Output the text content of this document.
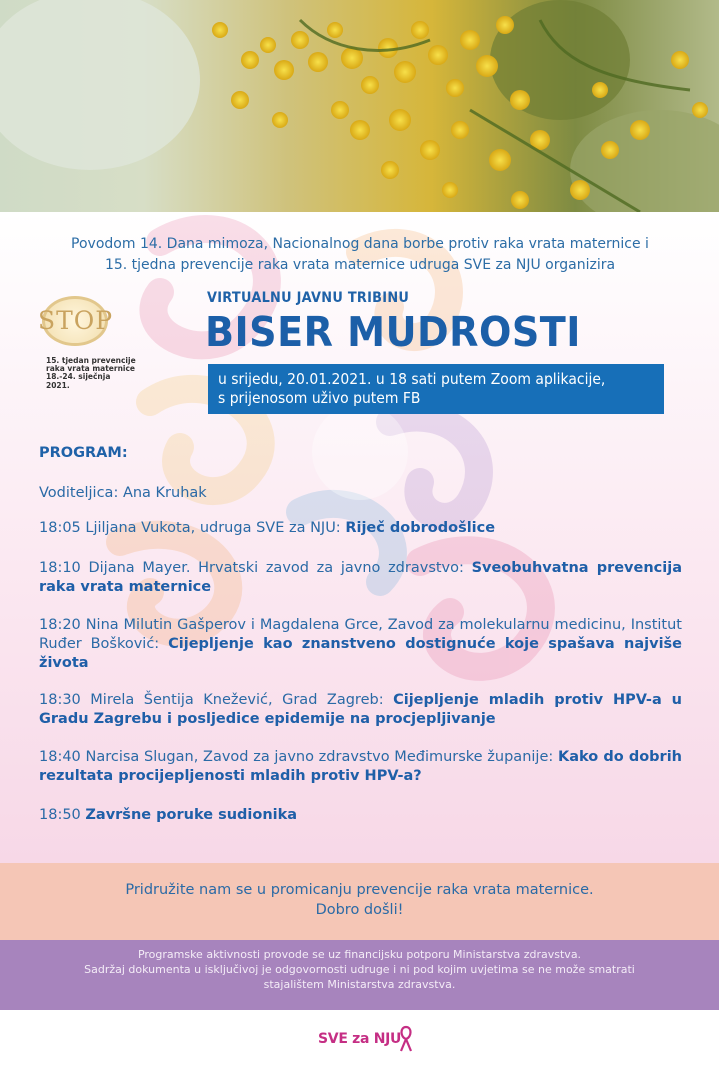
Povodom 14. Dana mimoza, Nacionalnog dana borbe protiv raka vrata maternice i
15. tjedna prevencije raka vrata maternice udruga SVE za NJU organizira
STOP
15. tjedan prevencije
raka vrata maternice
18.-24. siječnja 2021.
VIRTUALNU JAVNU TRIBINU
BISER MUDROSTI
u srijedu, 20.01.2021. u 18 sati putem Zoom aplikacije,
s prijenosom uživo putem FB
PROGRAM:
Voditeljica: Ana Kruhak
18:05 Ljiljana Vukota, udruga SVE za NJU: Riječ dobrodošlice
18:10 Dijana Mayer. Hrvatski zavod za javno zdravstvo: Sveobuhvatna prevencija raka vrata maternice
18:20 Nina Milutin Gašperov i Magdalena Grce, Zavod za molekularnu medicinu, Institut Ruđer Bošković: Cijepljenje kao znanstveno dostignuće koje spašava najviše života
18:30 Mirela Šentija Knežević, Grad Zagreb: Cijepljenje mladih protiv HPV-a u Gradu Zagrebu i posljedice epidemije na procjepljivanje
18:40 Narcisa Slugan, Zavod za javno zdravstvo Međimurske županije: Kako do dobrih rezultata procijepljenosti mladih protiv HPV-a?
18:50 Završne poruke sudionika
Pridružite nam se u promicanju prevencije raka vrata maternice.
Dobro došli!
Programske aktivnosti provode se uz financijsku potporu Ministarstva zdravstva.
Sadržaj dokumenta u isključivoj je odgovornosti udruge i ni pod kojim uvjetima se ne može smatrati
stajalištem Ministarstva zdravstva.
SVE za NJU
